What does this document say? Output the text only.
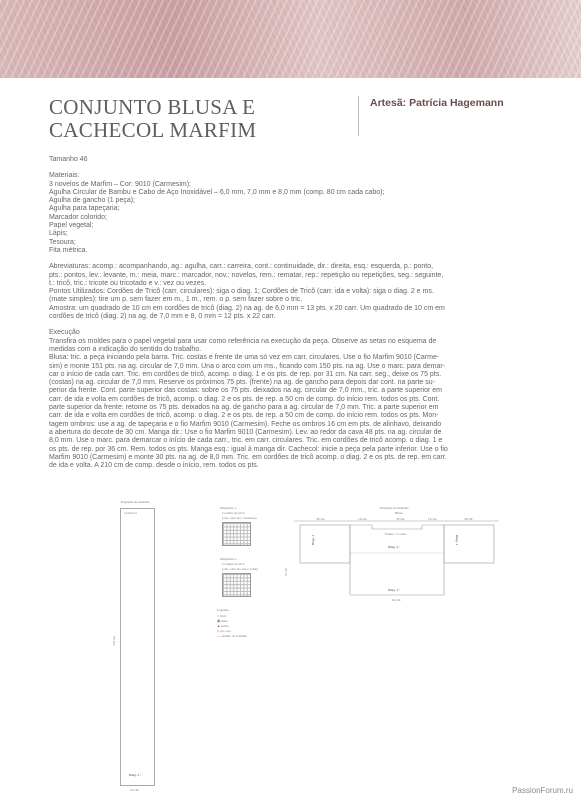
CONJUNTO BLUSA E
CACHECOL MARFIM
Artesã: Patrícia Hagemann

Tamanho 46

Materiais:

3 novelos de Marfim – Cor: 9010 (Carmesim);

Agulha Circular de Bambu e Cabo de Aço Inoxidável – 6,0 mm, 7,0 mm e 8,0 mm (comp. 80 cm cada cabo);

Agulha de gancho (1 peça);

Agulha para tapeçaria;

Marcador colorido;

Papel vegetal;

Lápis;

Tesoura;

Fita métrica.

Abreviaturas: acomp.: acompanhando, ag.: agulha, carr.: carreira, cont.: continuidade, dir.: direita, esq.: esquerda, p.: ponto,

pts.: pontos, lev.: levante, m.: meia, marc.: marcador, nov.: novelos, rem.: rematar, rep.: repetição ou repetições, seg.: seguinte,

t.: tricô, tric.: tricote ou tricotado e v.: vez ou vezes.

Pontos Utilizados: Cordões de Tricô (carr. circulares): siga o diag. 1; Cordões de Tricô (carr. ida e volta): siga o diag. 2 e ms.

(mate simples): tire um p. sem fazer em m., 1 m., rem. o p. sem fazer sobre o tric.

Amostra: um quadrado de 10 cm em cordões de tricô (diag. 2) na ag. de 6,0 mm = 13 pts. x 20 carr. Um quadrado de 10 cm em

cordões de tricô (diag. 2) na ag. de 7,0 mm e 8, 0 mm = 12 pts. x 22 carr.

Execução

Transfira os moldes para o papel vegetal para usar como referência na execução da peça. Observe as setas no esquema de

medidas com a indicação do sentido do trabalho.

Blusa: tric. a peça iniciando pela barra. Tric. costas e frente de uma só vez em carr. circulares. Use o fio Marfim 9010 (Carme-

sim) e monte 151 pts. na ag. circular de 7,0 mm. Una o arco com um ms., ficando com 150 pts. na ag. Use o marc. para demar-

car o início de cada carr. Tric. em cordões de tricô, acomp. o diag. 1 e os pts. de rep. por 31 cm. Na carr. seg., deixe os 75 pts.

(costas) na ag. circular de 7,0 mm. Reserve os próximos 75 pts. (frente) na ag. de gancho para depois dar cont. na parte su-

perior da frente. Cont. parte superior das costas: sobre os 75 pts. deixados na ag. circular de 7,0 mm., tric. a parte superior em

carr. de ida e volta em cordões de tricô, acomp. o diag. 2 e os pts. de rep. a 50 cm de comp. do início rem. todos os pts. Cont.

parte superior da frente: retome os 75 pts. deixados na ag. de gancho para a ag. circular de 7,0 mm. Tric. a parte superior em

carr. de ida e volta em cordões de tricô, acomp. o diag. 2 e os pts. de rep. a 50 cm de comp. do início rem. todos os pts. Mon-

tagem ombros: use a ag. de tapeçaria e o fio Marfim 9010 (Carmesim). Feche os ombros 16 cm em pts. de alinhavo, deixando

a abertura do decote de 30 cm. Manga dir.: Use o fio Marfim 9010 (Carmesim). Lev. ao redor da cava 48 pts. na ag. circular de

8,0 mm. Use o marc. para demarcar o início de cada carr., tric. em carr. circulares. Tric. em cordões de tricô acomp. o diag. 1 e

os pts. de rep. por 36 cm. Rem. todos os pts. Manga esq.: igual à manga dir. Cachecol: inicie a peça pela parte inferior. Use o fio

Marfim 9010 (Carmesim) e monte 30 pts. na ag. de 8,0 mm. Tric. em cordões de tricô acomp. o diag. 2 e os pts. de rep. em carr.

de ida e volta. A 210 cm de comp. desde o início, rem. todos os pts.

Esquema de medidas
Cachecol
210 cm
Diag. 2 ↑
25 cm
Diagrama 1 -
Cordões de tricô
(obs.: em carr. circulares)
Diagrama 2 -
Cordões de tricô
(obs.: em carr. ida e volta)
Legenda
□ tricô
▣ meia
▲ início
▷ pts. rep.
↔ sentido do trabalho
Esquema de medidas
Blusa
36 cm	16 cm	30 cm	16 cm	36 cm
Frente + Costas
Diag. 2 ↑
Diag. 1	Diag. 1
31 cm
Diag. 1 ↑
62 cm
PassionForum.ru
